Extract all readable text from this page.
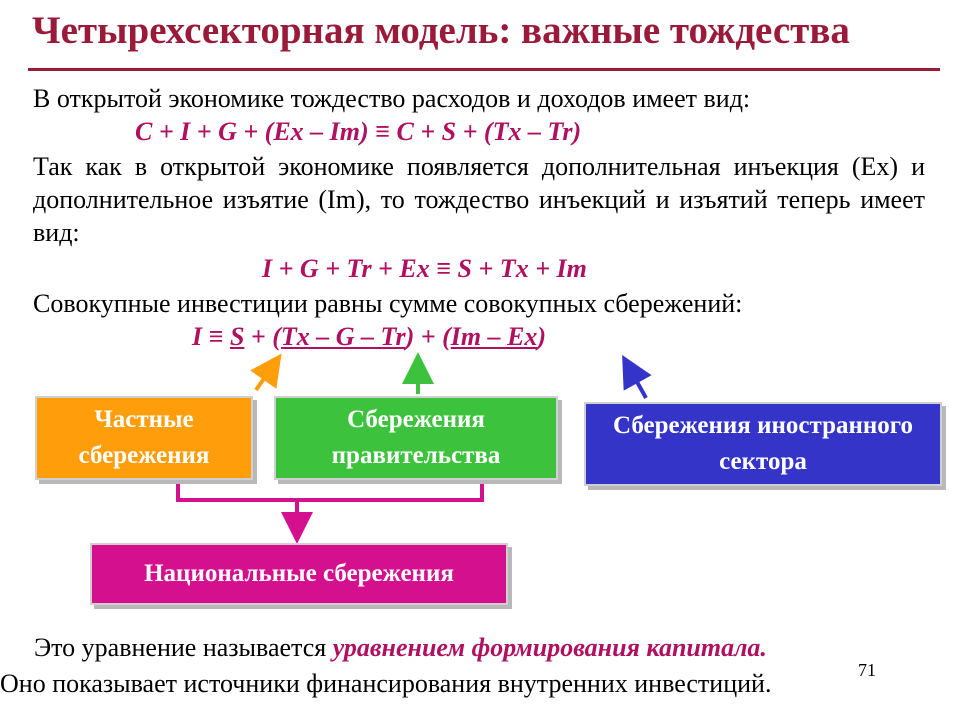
Четырехсекторная модель: важные тождества
В открытой экономике тождество расходов и доходов имеет вид:
C + I + G + (Ex – Im) ≡ C + S + (Tx – Tr)
Так как в открытой экономике появляется дополнительная инъекция (Ex) и дополнительное изъятие (Im), то тождество инъекций и изъятий теперь имеет вид:
I + G + Tr + Ex ≡ S + Tx + Im
Совокупные инвестиции равны сумме совокупных сбережений:
I ≡ S + (Tx – G – Tr) + (Im – Ex)
Частные сбережения
Сбережения правительства
Сбережения иностранного сектора
Национальные сбережения
Это уравнение называется уравнением формирования капитала.
Оно показывает источники финансирования внутренних инвестиций.	71
